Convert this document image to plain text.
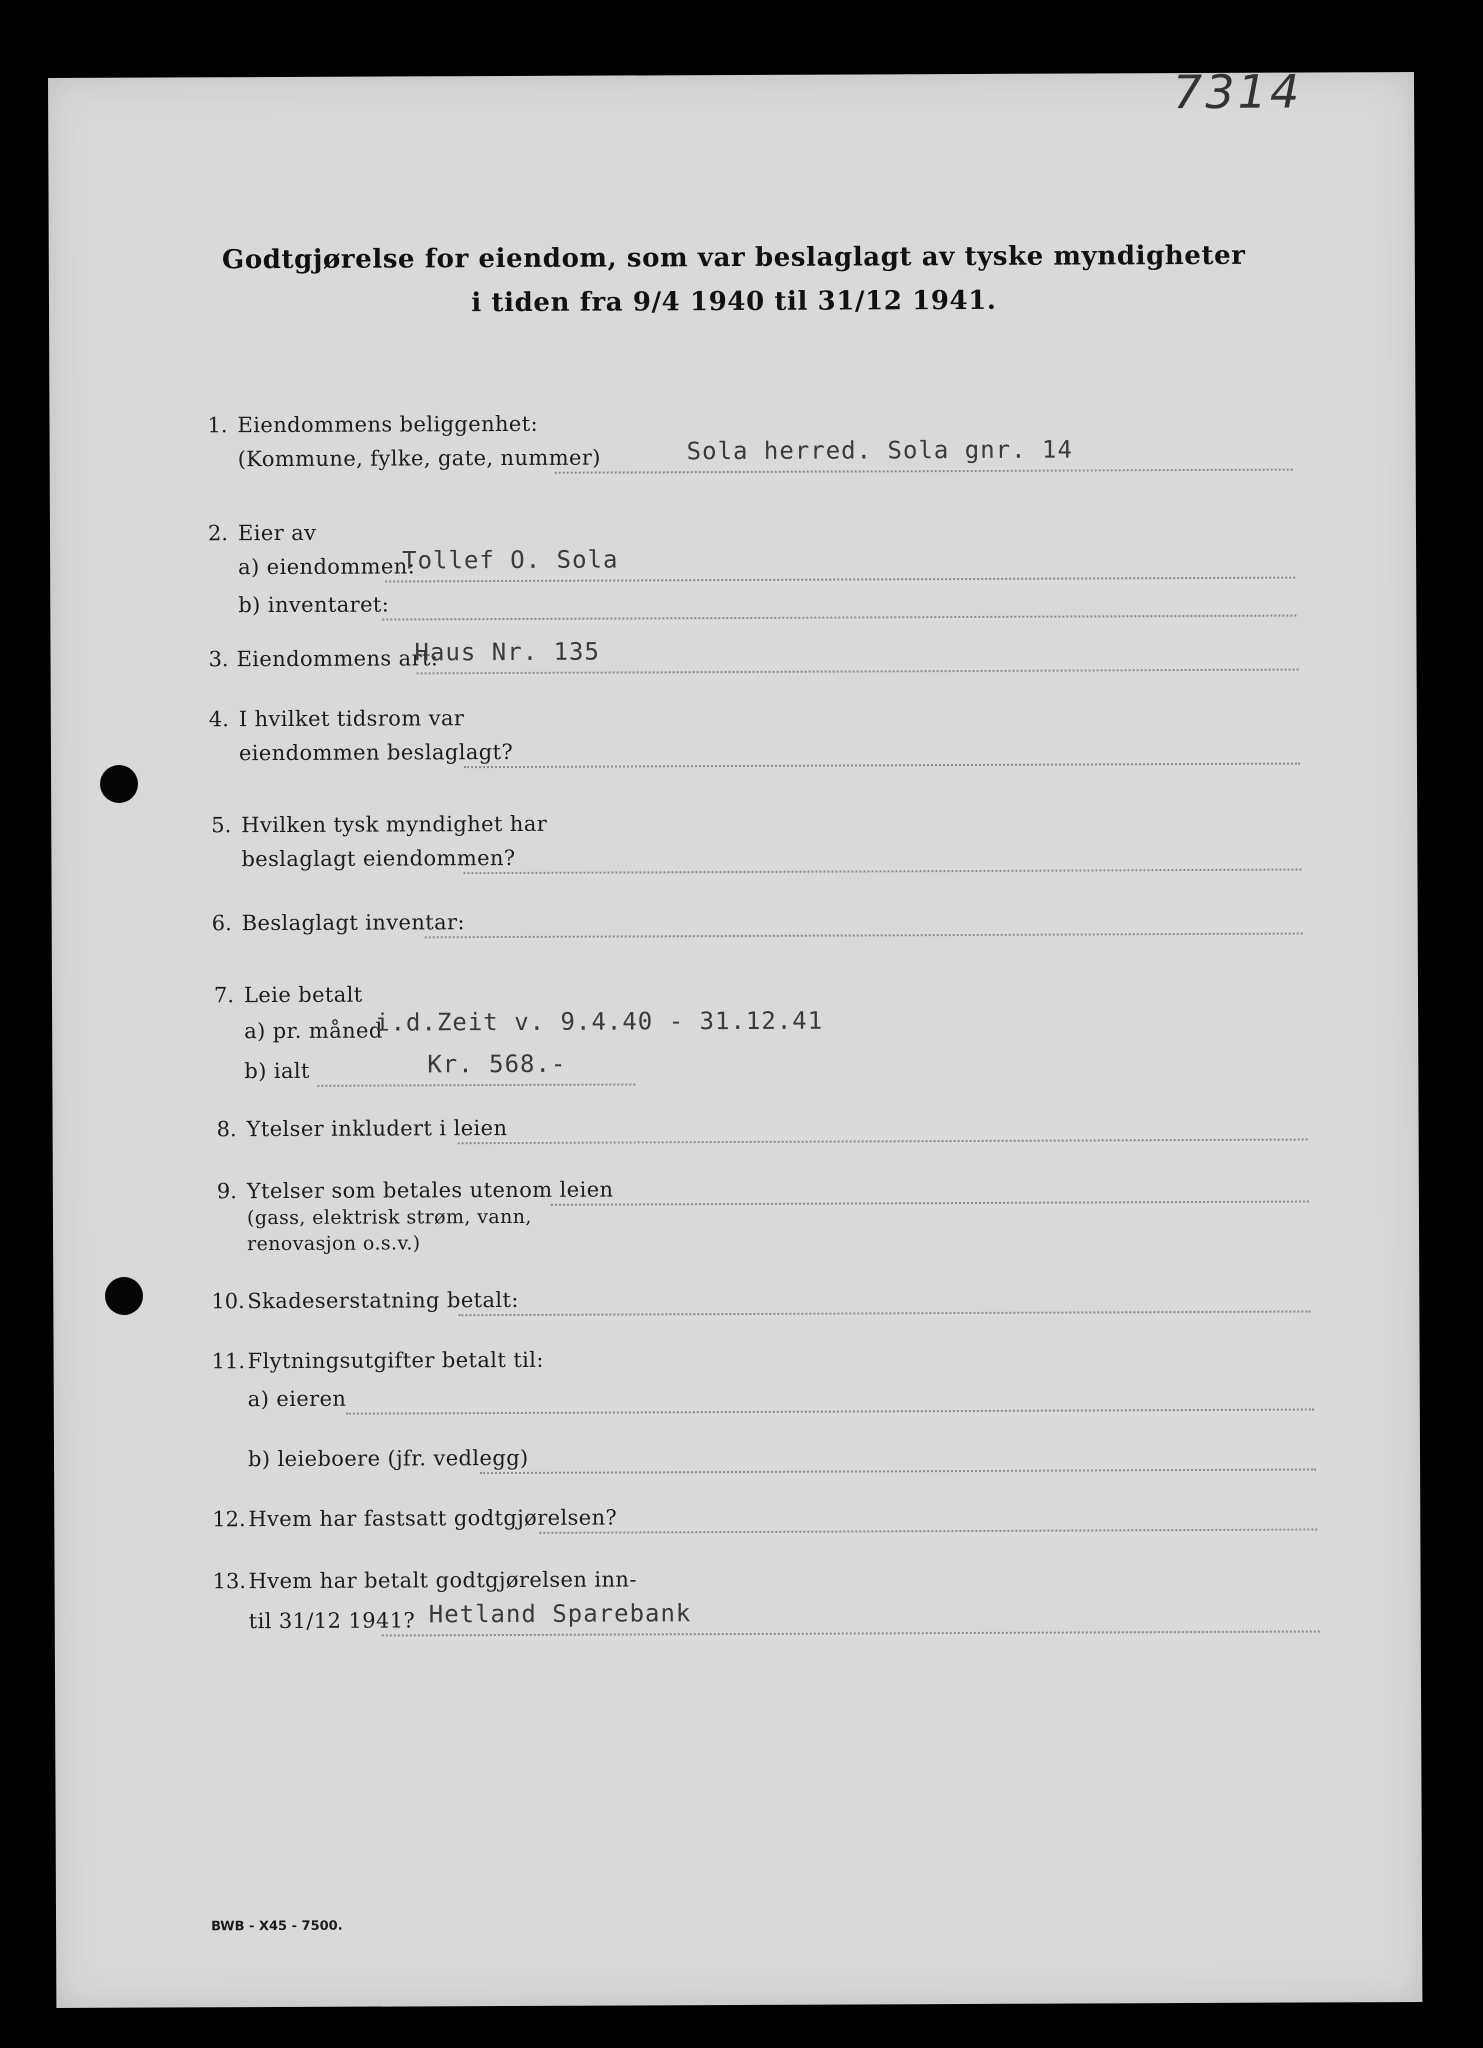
7314
Godtgjørelse for eiendom, som var beslaglagt av tyske myndigheter
i tiden fra 9/4 1940 til 31/12 1941.
1. Eiendommens beliggenhet:
(Kommune, fylke, gate, nummer)	Sola herred. Sola gnr. 14
2. Eier av
a) eiendommen:
Tollef O. Sola
b) inventaret:
3. Eiendommens art:
Haus Nr. 135
4. I hvilket tidsrom var
eiendommen beslaglagt?
5. Hvilken tysk myndighet har
beslaglagt eiendommen?
6. Beslaglagt inventar:
7. Leie betalt
a) pr. måned
i.d.Zeit v. 9.4.40 - 31.12.41
b) ialt	Kr. 568.-
8. Ytelser inkludert i leien
9. Ytelser som betales utenom leien
(gass, elektrisk strøm, vann,
renovasjon o.s.v.)
10. Skadeserstatning betalt:
11. Flytningsutgifter betalt til:
a) eieren
b) leieboere (jfr. vedlegg)
12. Hvem har fastsatt godtgjørelsen?
13. Hvem har betalt godtgjørelsen inn-
til 31/12 1941? Hetland Sparebank
BWB - X45 - 7500.
